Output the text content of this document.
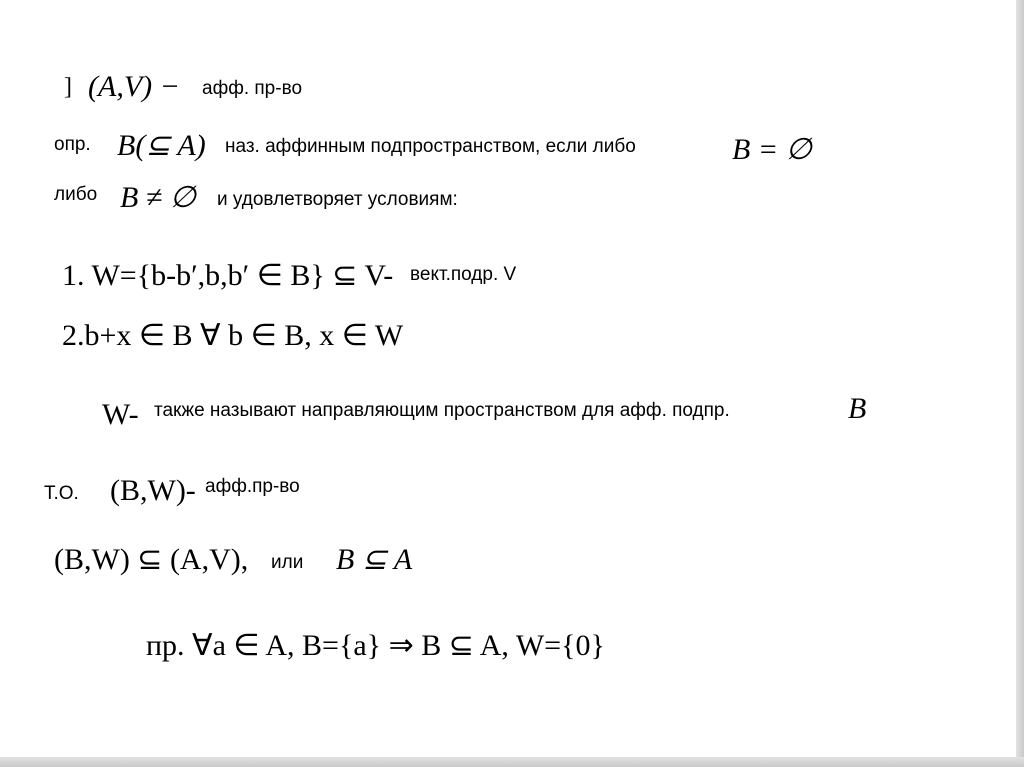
] (A,V) − афф. пр-во
опр. B(⊆ A) наз. аффинным подпространством, если либо	B = ∅
либо B ≠ ∅ и удовлетворяет условиям:
1. W={b-b′,b,b′ ∈ B} ⊆ V- вект.подр. V
2.b+x ∈ B ∀ b ∈ B, x ∈ W
W- также называют направляющим пространством для афф. подпр.	B
Т.О. (B,W)- афф.пр-во
(B,W) ⊆ (A,V), или B ⊆ A
пр. ∀a ∈ A, B={a} ⇒ B ⊆ A, W={0}
